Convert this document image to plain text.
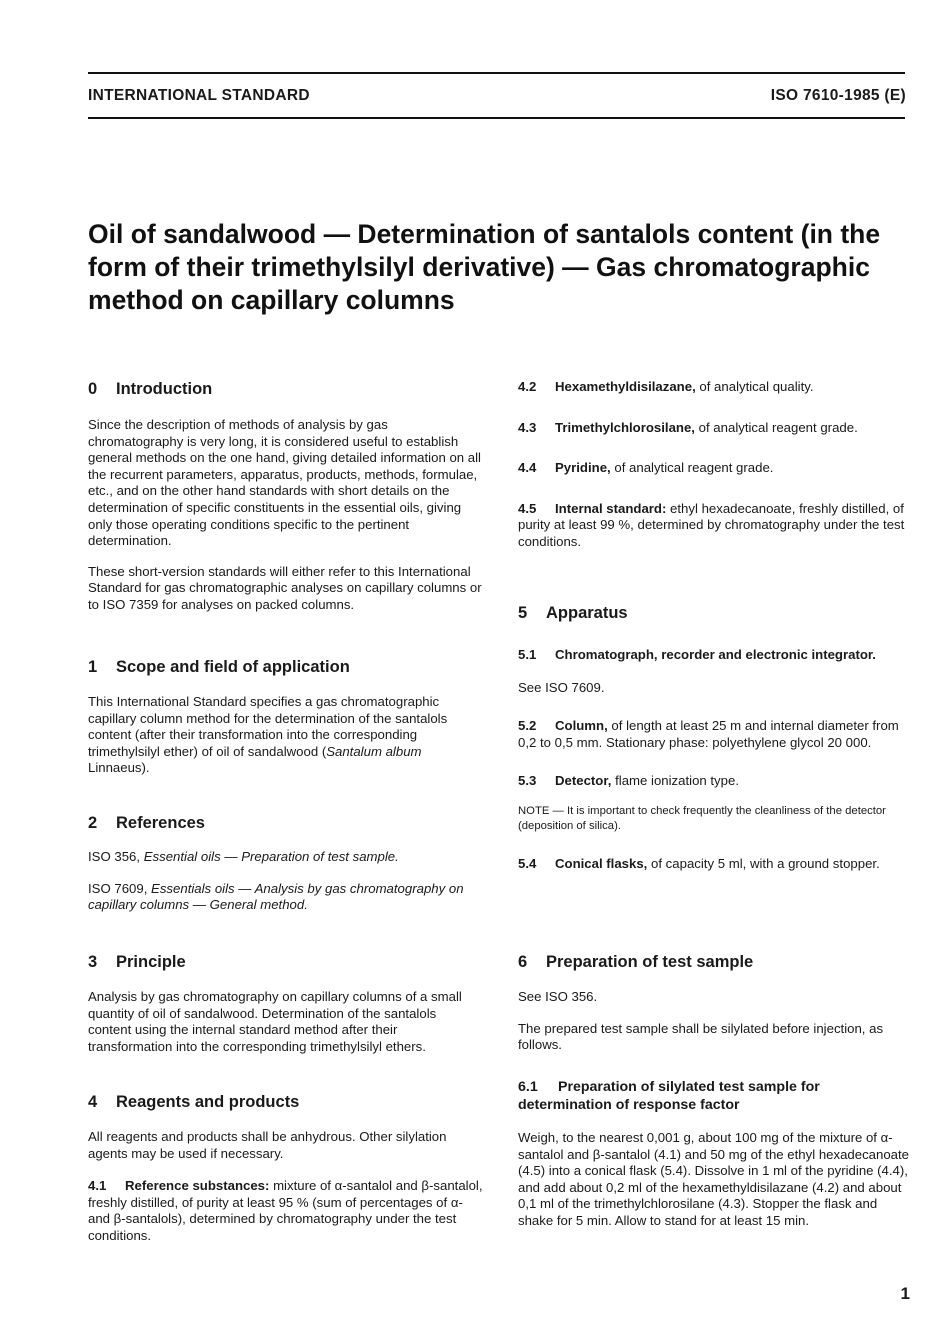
INTERNATIONAL STANDARD	ISO 7610-1985 (E)
Oil of sandalwood — Determination of santalols content (in the form of their trimethylsilyl derivative) — Gas chromatographic method on capillary columns
0 Introduction

Since the description of methods of analysis by gas chromatography is very long, it is considered useful to establish general methods on the one hand, giving detailed information on all the recurrent parameters, apparatus, products, methods, formulae, etc., and on the other hand standards with short details on the determination of specific constituents in the essential oils, giving only those operating conditions specific to the pertinent determination.

These short-version standards will either refer to this International Standard for gas chromatographic analyses on capillary columns or to ISO 7359 for analyses on packed columns.

1 Scope and field of application

This International Standard specifies a gas chromatographic capillary column method for the determination of the santalols content (after their transformation into the corresponding trimethylsilyl ether) of oil of sandalwood (Santalum album Linnaeus).

2 References

ISO 356, Essential oils — Preparation of test sample.

ISO 7609, Essentials oils — Analysis by gas chromatography on capillary columns — General method.

3 Principle

Analysis by gas chromatography on capillary columns of a small quantity of oil of sandalwood. Determination of the santalols content using the internal standard method after their transformation into the corresponding trimethylsilyl ethers.

4 Reagents and products

All reagents and products shall be anhydrous. Other silylation agents may be used if necessary.

4.1 Reference substances: mixture of α-santalol and β-santalol, freshly distilled, of purity at least 95 % (sum of percentages of α- and β-santalols), determined by chromatography under the test conditions.

4.2 Hexamethyldisilazane, of analytical quality.

4.3 Trimethylchlorosilane, of analytical reagent grade.

4.4 Pyridine, of analytical reagent grade.

4.5 Internal standard: ethyl hexadecanoate, freshly distilled, of purity at least 99 %, determined by chromatography under the test conditions.

5 Apparatus

5.1 Chromatograph, recorder and electronic integrator.

See ISO 7609.

5.2 Column, of length at least 25 m and internal diameter from 0,2 to 0,5 mm. Stationary phase: polyethylene glycol 20 000.

5.3 Detector, flame ionization type.

NOTE — It is important to check frequently the cleanliness of the detector (deposition of silica).

5.4 Conical flasks, of capacity 5 ml, with a ground stopper.

6 Preparation of test sample

See ISO 356.

The prepared test sample shall be silylated before injection, as follows.

6.1 Preparation of silylated test sample for determination of response factor

Weigh, to the nearest 0,001 g, about 100 mg of the mixture of α-santalol and β-santalol (4.1) and 50 mg of the ethyl hexadecanoate (4.5) into a conical flask (5.4). Dissolve in 1 ml of the pyridine (4.4), and add about 0,2 ml of the hexamethyldisilazane (4.2) and about 0,1 ml of the trimethylchlorosilane (4.3). Stopper the flask and shake for 5 min. Allow to stand for at least 15 min.

1
